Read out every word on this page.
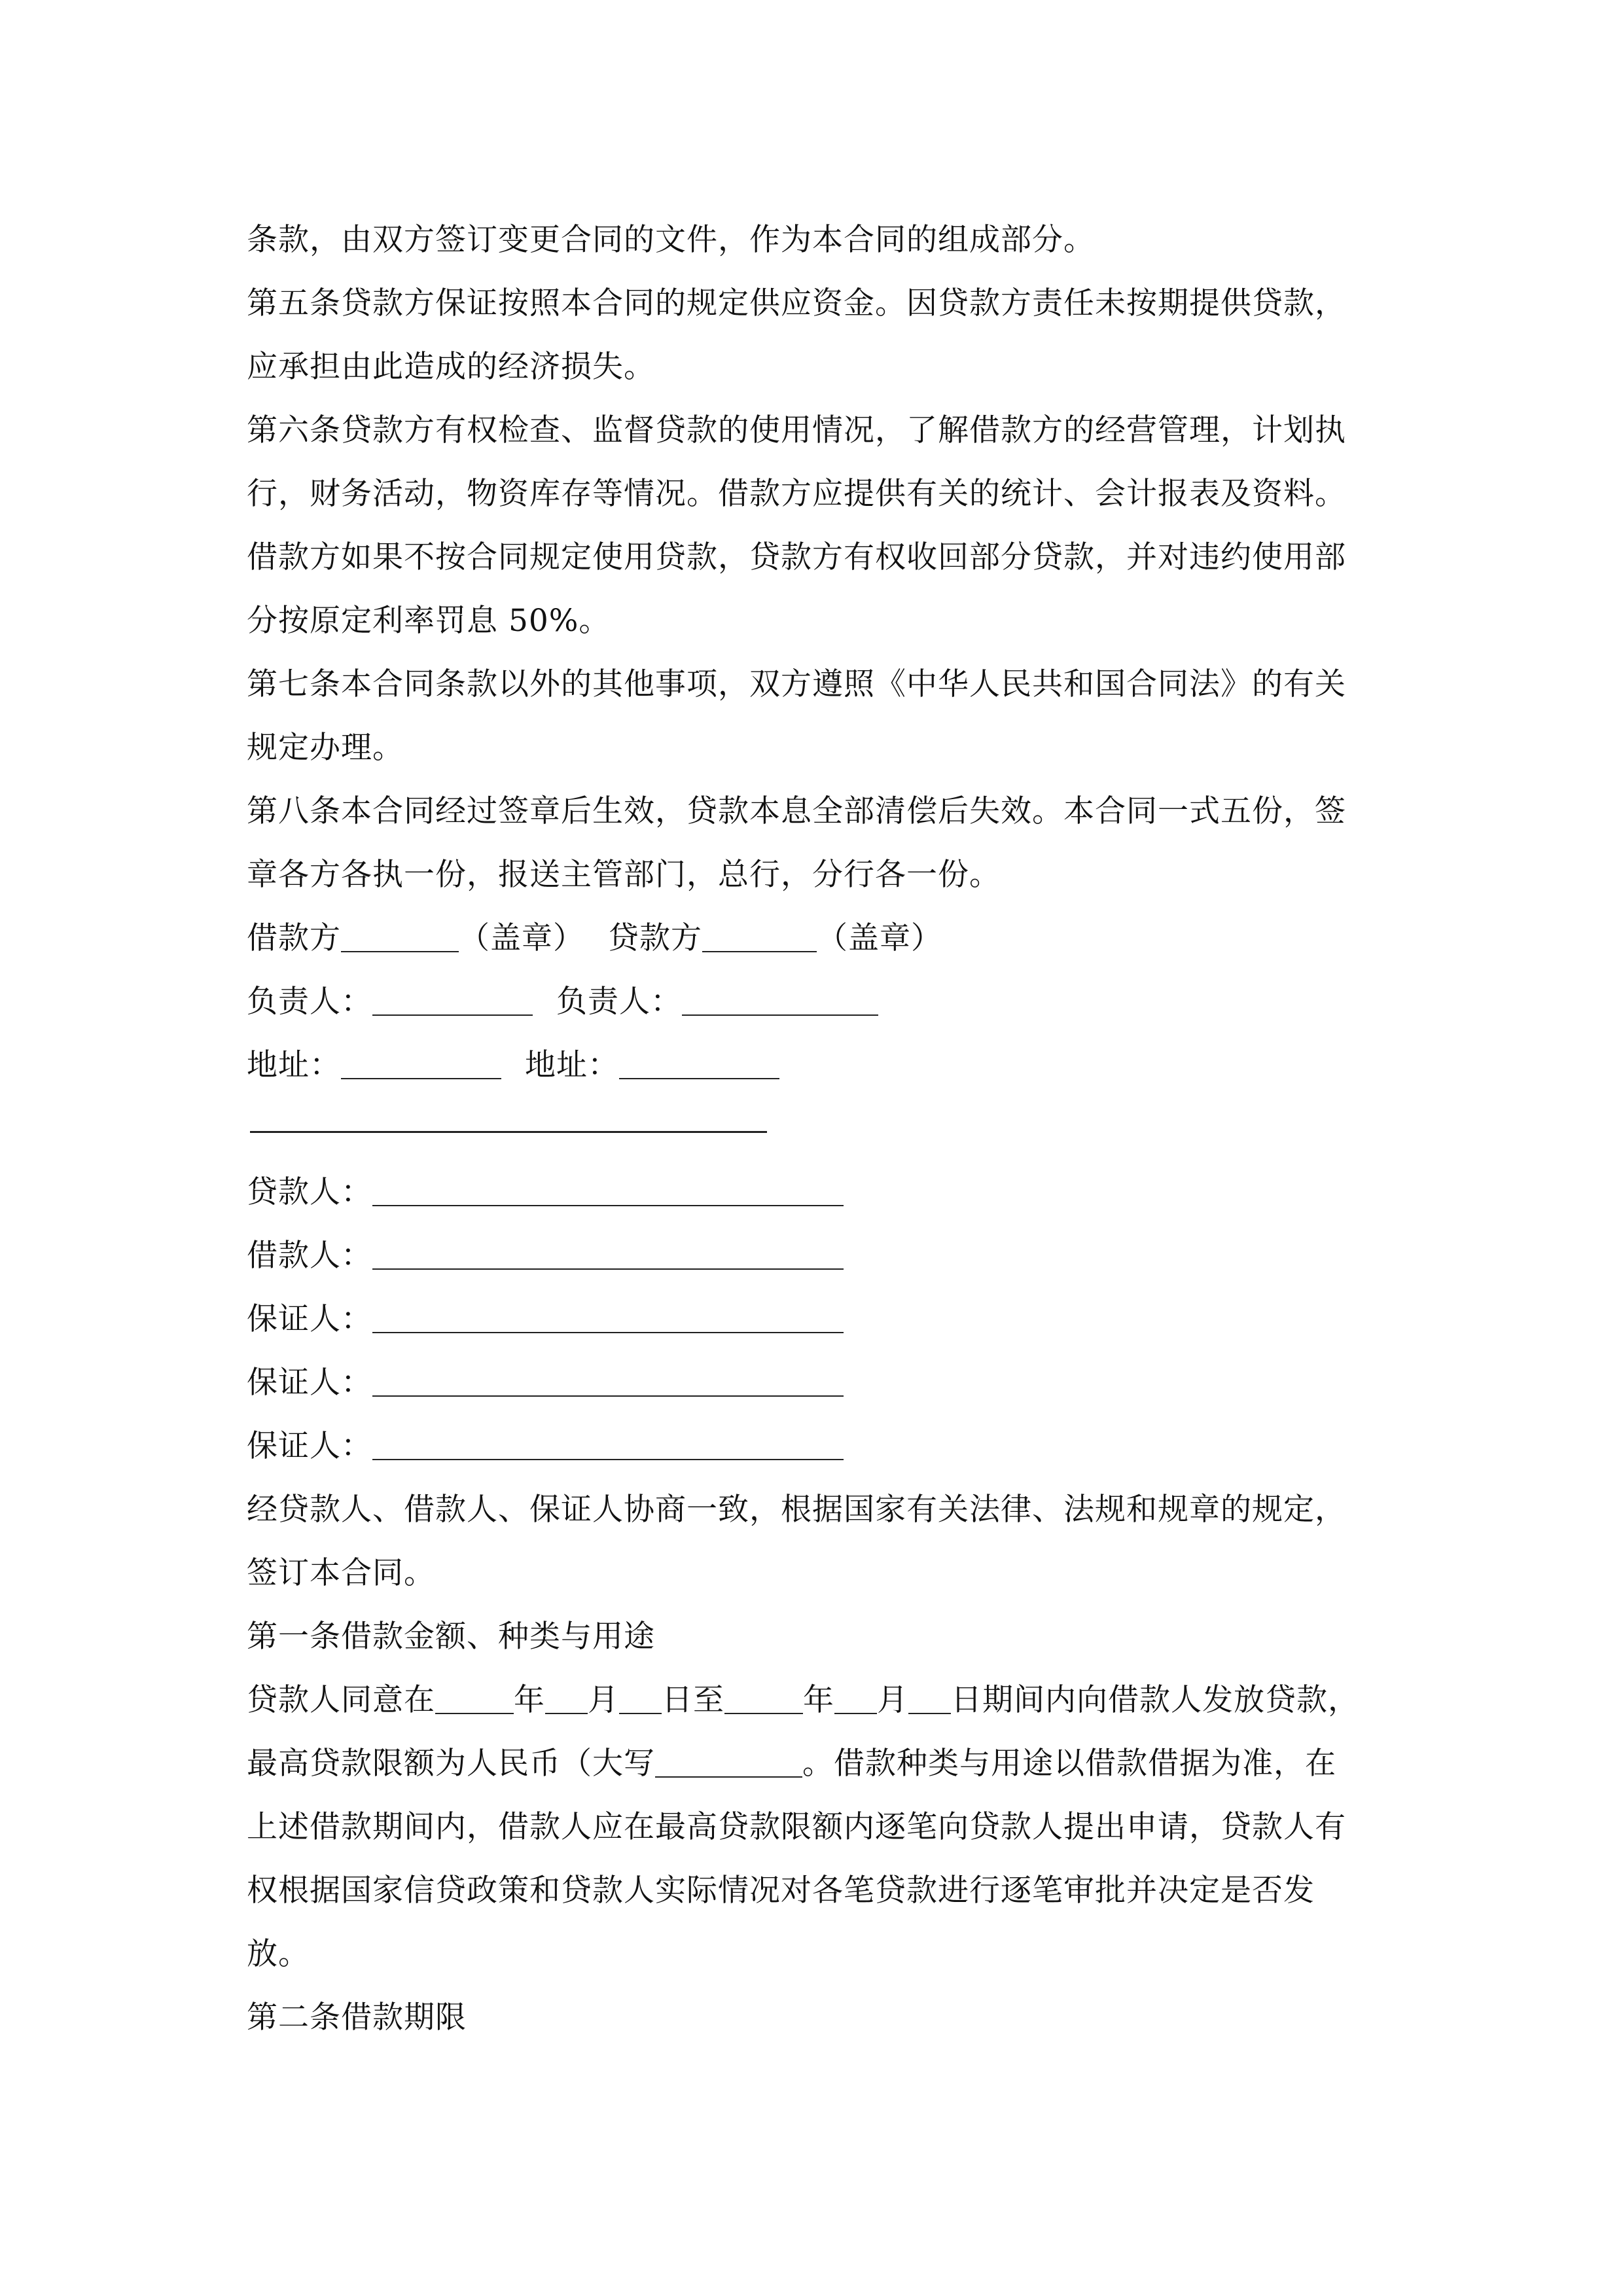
条款，由双方签订变更合同的文件，作为本合同的组成部分。
第五条贷款方保证按照本合同的规定供应资金。因贷款方责任未按期提供贷款，
应承担由此造成的经济损失。
第六条贷款方有权检查、监督贷款的使用情况，了解借款方的经营管理，计划执
行，财务活动，物资库存等情况。借款方应提供有关的统计、会计报表及资料。
借款方如果不按合同规定使用贷款，贷款方有权收回部分贷款，并对违约使用部
分按原定利率罚息 50%。
第七条本合同条款以外的其他事项，双方遵照《中华人民共和国合同法》的有关
规定办理。
第八条本合同经过签章后生效，贷款本息全部清偿后失效。本合同一式五份，签
章各方各执一份，报送主管部门，总行，分行各一份。
借款方	（盖章） 贷款方	（盖章）
负责人：	负责人：
地址：	地址：
贷款人：
借款人：
保证人：
保证人：
保证人：
经贷款人、借款人、保证人协商一致，根据国家有关法律、法规和规章的规定，
签订本合同。
第一条借款金额、种类与用途
贷款人同意在	年 月 日至	年 月 日期间内向借款人发放贷款，
最高贷款限额为人民币（大写	。借款种类与用途以借款借据为准，在
上述借款期间内，借款人应在最高贷款限额内逐笔向贷款人提出申请，贷款人有
权根据国家信贷政策和贷款人实际情况对各笔贷款进行逐笔审批并决定是否发
放。
第二条借款期限
